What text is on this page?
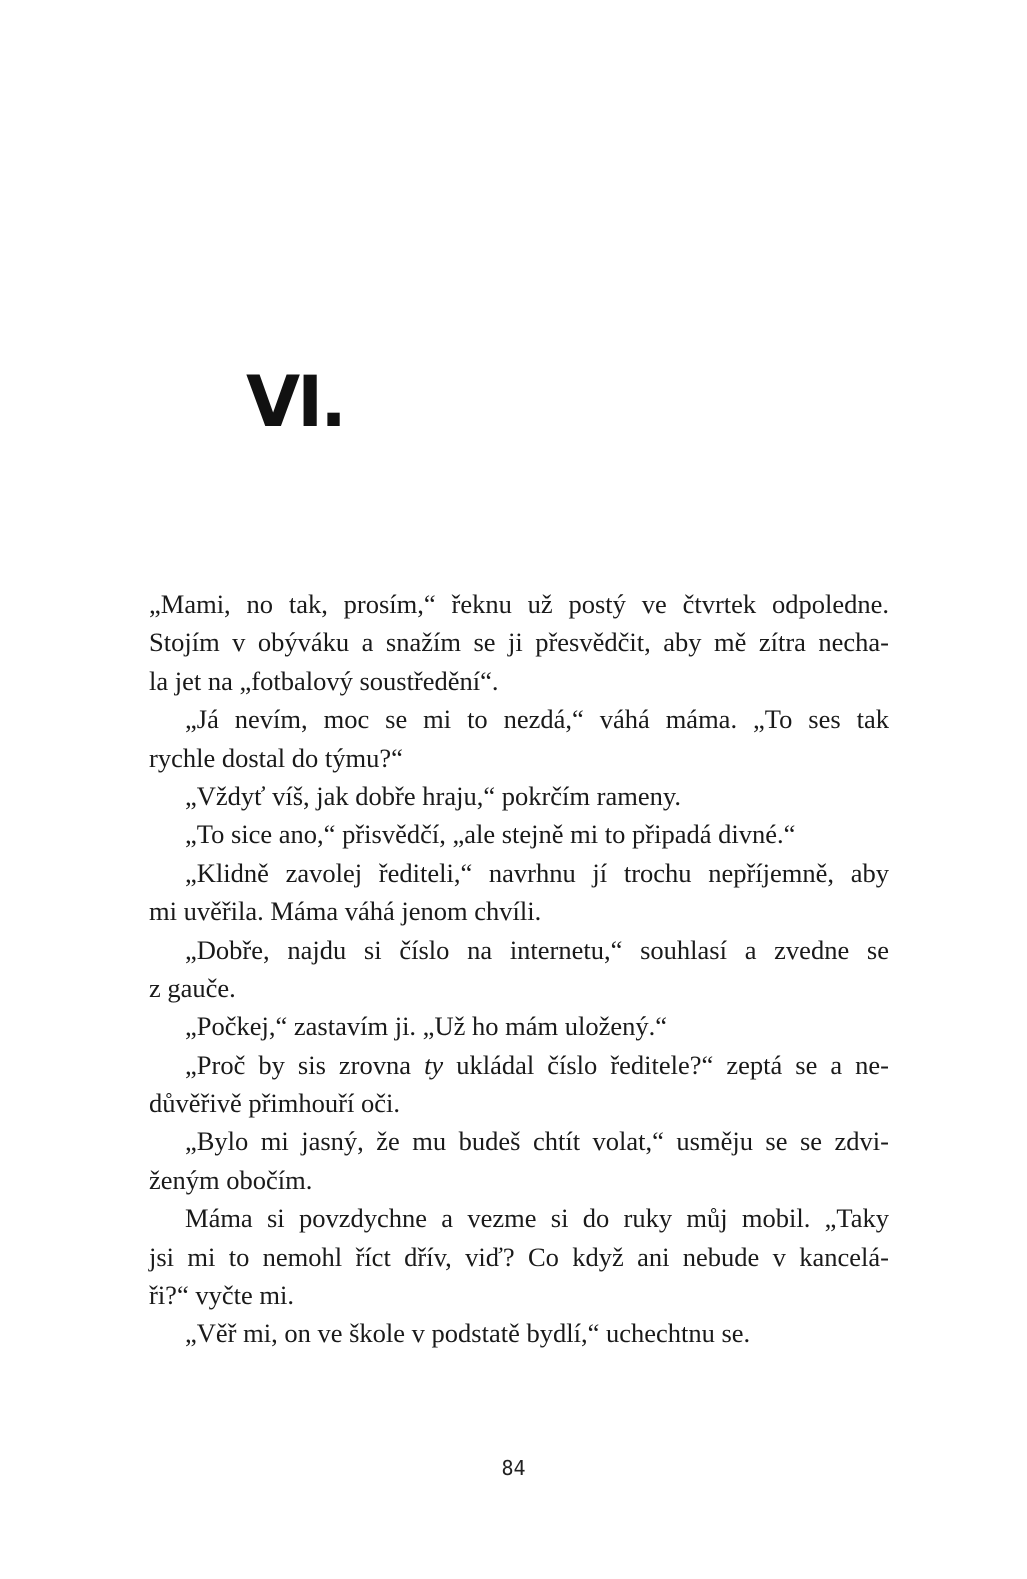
VI.
„Mami, no tak, prosím,“ řeknu už postý ve čtvrtek odpoledne.
Stojím v obýváku a snažím se ji přesvědčit, aby mě zítra necha-
la jet na „fotbalový soustředění“.
„Já nevím, moc se mi to nezdá,“ váhá máma. „To ses tak
rychle dostal do týmu?“
„Vždyť víš, jak dobře hraju,“ pokrčím rameny.
„To sice ano,“ přisvědčí, „ale stejně mi to připadá divné.“
„Klidně zavolej řediteli,“ navrhnu jí trochu nepříjemně, aby
mi uvěřila. Máma váhá jenom chvíli.
„Dobře, najdu si číslo na internetu,“ souhlasí a zvedne se
z gauče.
„Počkej,“ zastavím ji. „Už ho mám uložený.“
„Proč by sis zrovna ty ukládal číslo ředitele?“ zeptá se a ne-
důvěřivě přimhouří oči.
„Bylo mi jasný, že mu budeš chtít volat,“ usměju se se zdvi-
ženým obočím.
Máma si povzdychne a vezme si do ruky můj mobil. „Taky
jsi mi to nemohl říct dřív, viď? Co když ani nebude v kancelá-
ři?“ vyčte mi.
„Věř mi, on ve škole v podstatě bydlí,“ uchechtnu se.
84
